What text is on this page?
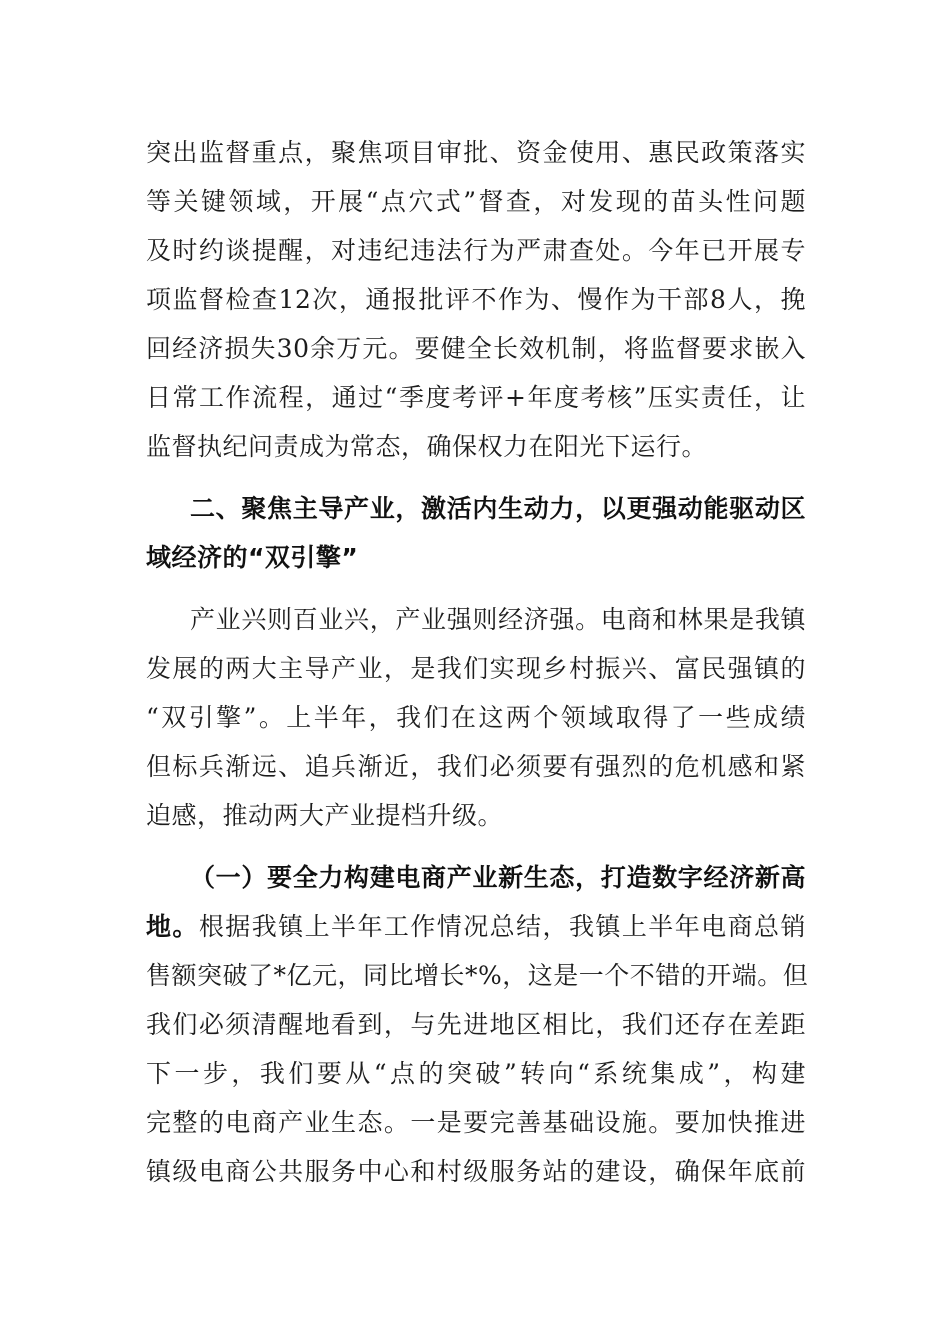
突出监督重点，聚焦项目审批、资金使用、惠民政策落实
等关键领域，开展“点穴式”督查，对发现的苗头性问题
及时约谈提醒，对违纪违法行为严肃查处。今年已开展专
项监督检查12次，通报批评不作为、慢作为干部8人，挽
回经济损失30余万元。要健全长效机制，将监督要求嵌入
日常工作流程，通过“季度考评+年度考核”压实责任，让
监督执纪问责成为常态，确保权力在阳光下运行。
二、聚焦主导产业，激活内生动力，以更强动能驱动区
域经济的“双引擎”
产业兴则百业兴，产业强则经济强。电商和林果是我镇
发展的两大主导产业，是我们实现乡村振兴、富民强镇的
“双引擎”。上半年，我们在这两个领域取得了一些成绩
但标兵渐远、追兵渐近，我们必须要有强烈的危机感和紧
迫感，推动两大产业提档升级。
（一）要全力构建电商产业新生态，打造数字经济新高
地。根据我镇上半年工作情况总结，我镇上半年电商总销
售额突破了*亿元，同比增长*%，这是一个不错的开端。但
我们必须清醒地看到，与先进地区相比，我们还存在差距
下一步，我们要从“点的突破”转向“系统集成”，构建
完整的电商产业生态。一是要完善基础设施。要加快推进
镇级电商公共服务中心和村级服务站的建设，确保年底前
